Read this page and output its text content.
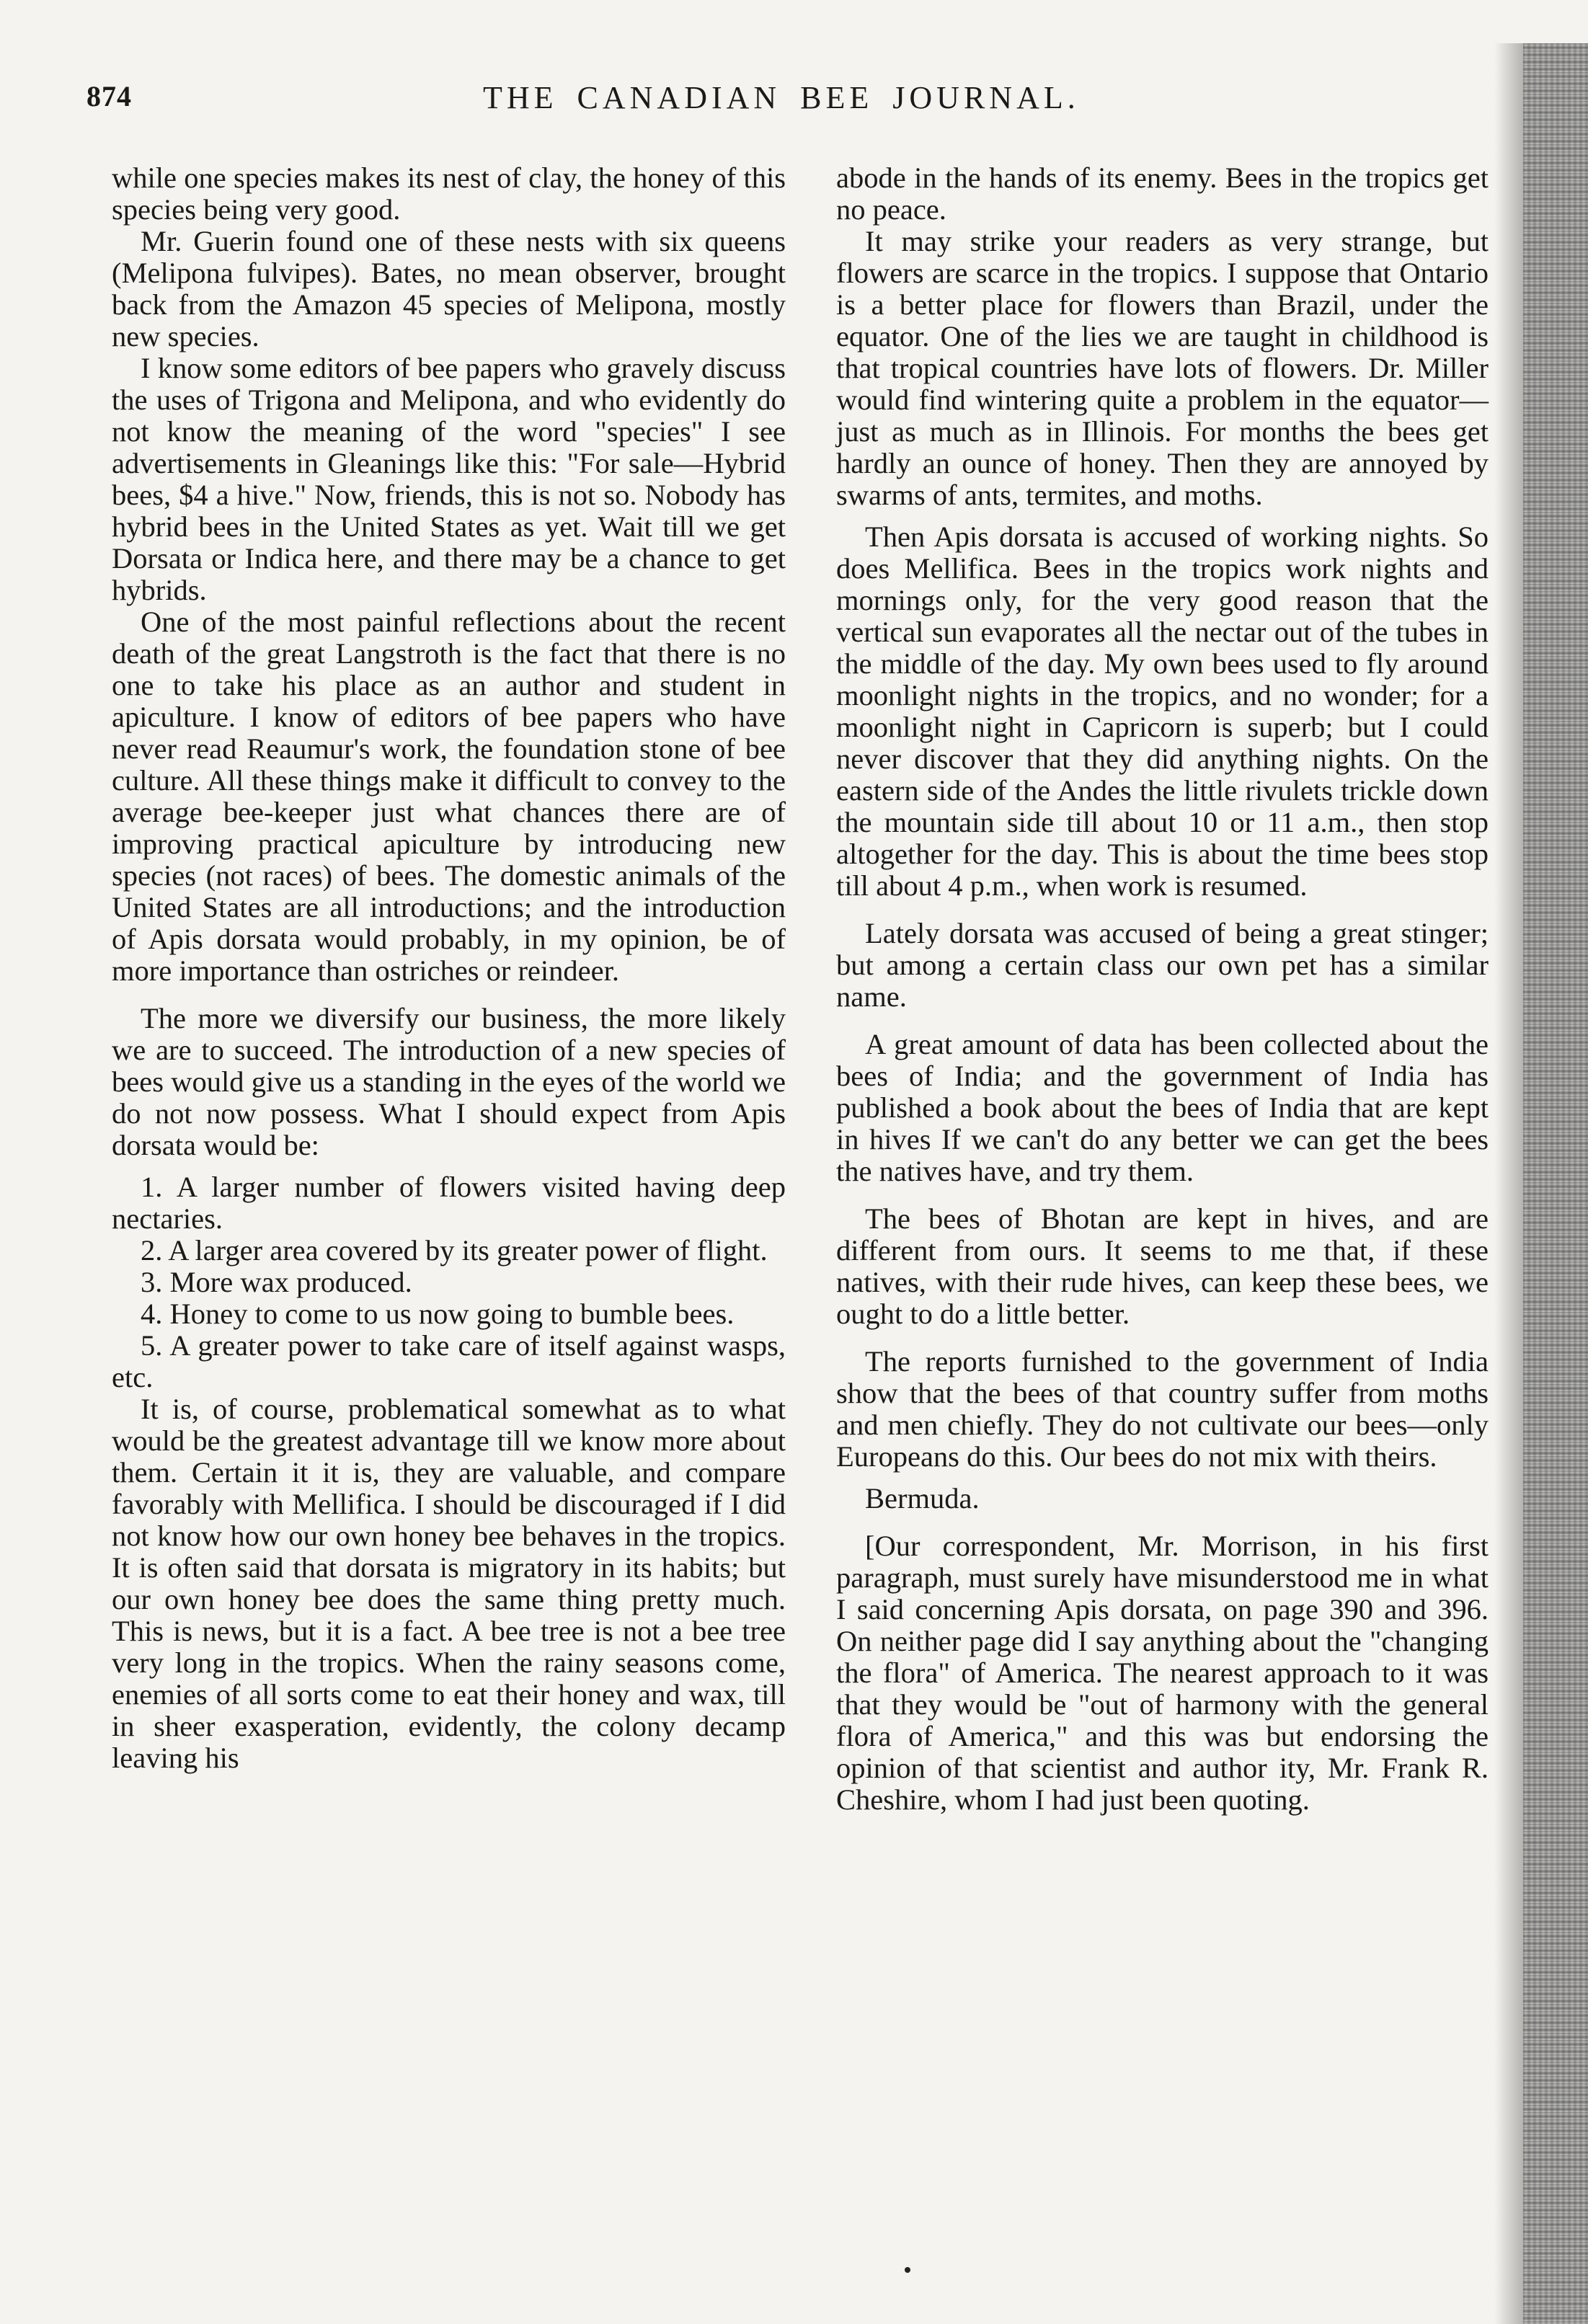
874	THE CANADIAN BEE JOURNAL.

while one species makes its nest of clay, the honey of this species being very good.

Mr. Guerin found one of these nests with six queens (Melipona fulvipes). Bates, no mean observer, brought back from the Amazon 45 species of Melipona, mostly new species.

I know some editors of bee papers who gravely discuss the uses of Trigona and Melipona, and who evidently do not know the meaning of the word "species" I see advertisements in Gleanings like this: "For sale—Hybrid bees, $4 a hive." Now, friends, this is not so. Nobody has hybrid bees in the United States as yet. Wait till we get Dorsata or Indica here, and there may be a chance to get hybrids.

One of the most painful reflections about the recent death of the great Langstroth is the fact that there is no one to take his place as an author and student in apiculture. I know of editors of bee papers who have never read Reaumur's work, the foundation stone of bee culture. All these things make it difficult to convey to the average bee-keeper just what chances there are of improving practical apiculture by introducing new species (not races) of bees. The domestic animals of the United States are all introductions; and the introduction of Apis dorsata would probably, in my opinion, be of more importance than ostriches or reindeer.

The more we diversify our business, the more likely we are to succeed. The introduction of a new species of bees would give us a standing in the eyes of the world we do not now possess. What I should expect from Apis dorsata would be:

1. A larger number of flowers visited having deep nectaries.

2. A larger area covered by its greater power of flight.

3. More wax produced.

4. Honey to come to us now going to bumble bees.

5. A greater power to take care of itself against wasps, etc.

It is, of course, problematical somewhat as to what would be the greatest advantage till we know more about them. Certain it it is, they are valuable, and compare favorably with Mellifica. I should be discouraged if I did not know how our own honey bee behaves in the tropics. It is often said that dorsata is migratory in its habits; but our own honey bee does the same thing pretty much. This is news, but it is a fact. A bee tree is not a bee tree very long in the tropics. When the rainy seasons come, enemies of all sorts come to eat their honey and wax, till in sheer exasperation, evidently, the colony decamp leaving his

abode in the hands of its enemy. Bees in the tropics get no peace.

It may strike your readers as very strange, but flowers are scarce in the tropics. I suppose that Ontario is a better place for flowers than Brazil, under the equator. One of the lies we are taught in childhood is that tropical countries have lots of flowers. Dr. Miller would find wintering quite a problem in the equator—just as much as in Illinois. For months the bees get hardly an ounce of honey. Then they are annoyed by swarms of ants, termites, and moths.

Then Apis dorsata is accused of working nights. So does Mellifica. Bees in the tropics work nights and mornings only, for the very good reason that the vertical sun evaporates all the nectar out of the tubes in the middle of the day. My own bees used to fly around moonlight nights in the tropics, and no wonder; for a moonlight night in Capricorn is superb; but I could never discover that they did anything nights. On the eastern side of the Andes the little rivulets trickle down the mountain side till about 10 or 11 a.m., then stop altogether for the day. This is about the time bees stop till about 4 p.m., when work is resumed.

Lately dorsata was accused of being a great stinger; but among a certain class our own pet has a similar name.

A great amount of data has been collected about the bees of India; and the government of India has published a book about the bees of India that are kept in hives If we can't do any better we can get the bees the natives have, and try them.

The bees of Bhotan are kept in hives, and are different from ours. It seems to me that, if these natives, with their rude hives, can keep these bees, we ought to do a little better.

The reports furnished to the government of India show that the bees of that country suffer from moths and men chiefly. They do not cultivate our bees—only Europeans do this. Our bees do not mix with theirs.

Bermuda.

[Our correspondent, Mr. Morrison, in his first paragraph, must surely have misunderstood me in what I said concerning Apis dorsata, on page 390 and 396. On neither page did I say anything about the "changing the flora" of America. The nearest approach to it was that they would be "out of harmony with the general flora of America," and this was but endorsing the opinion of that scientist and author ity, Mr. Frank R. Cheshire, whom I had just been quoting.
